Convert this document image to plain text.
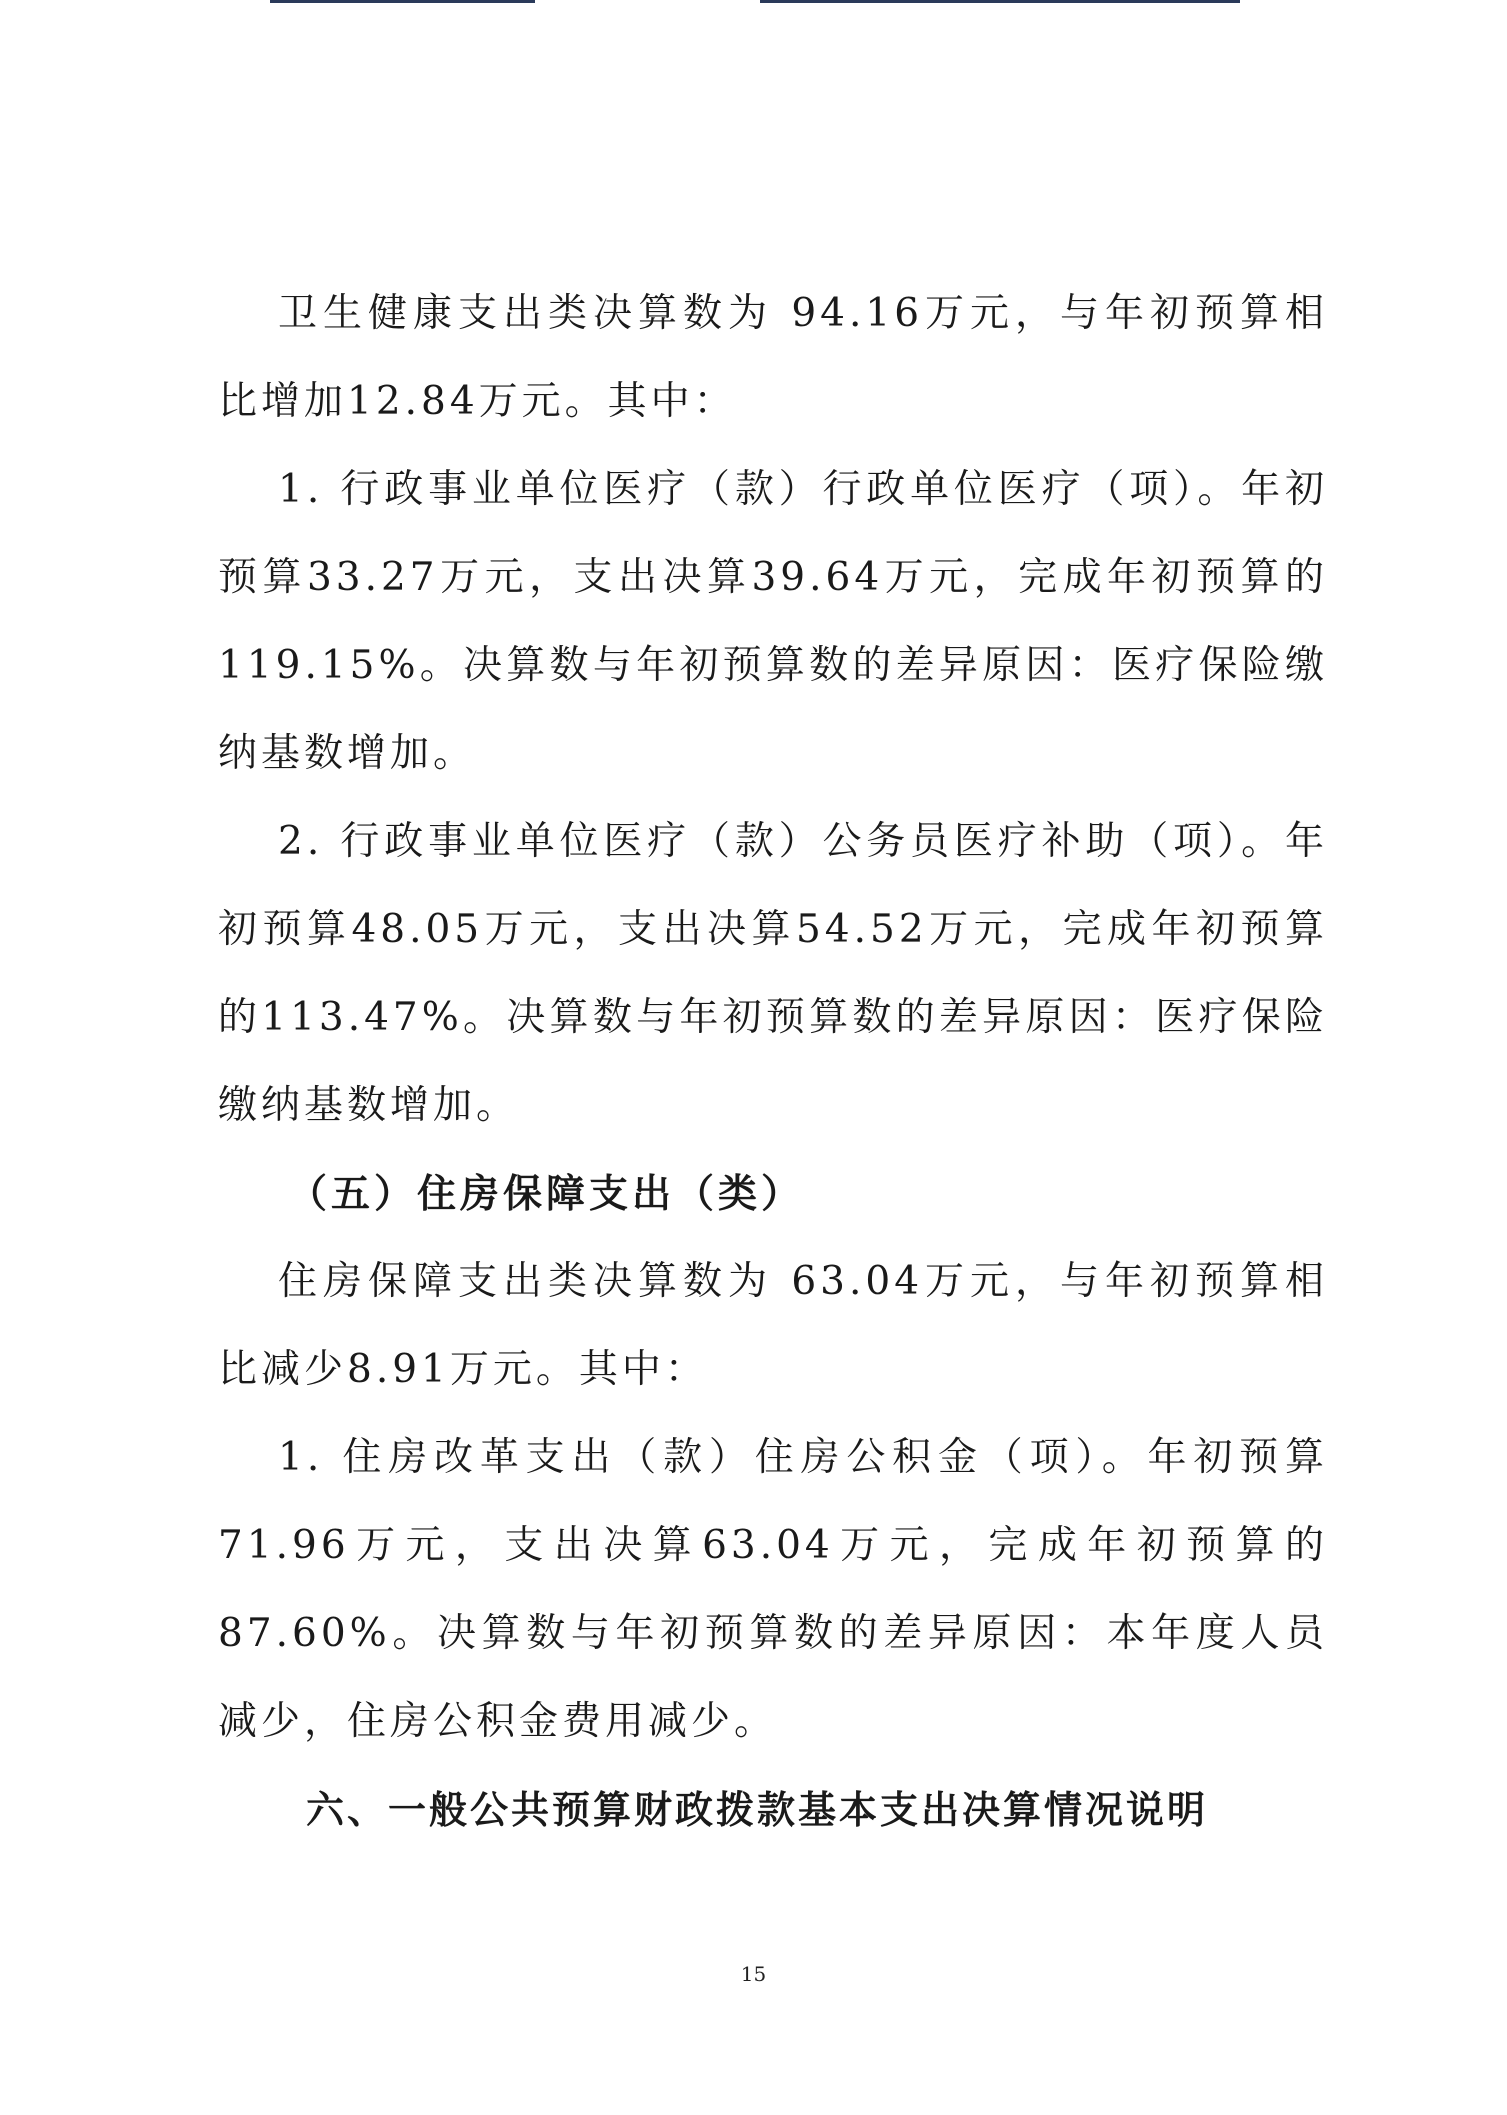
卫生健康支出类决算数为 94.16万元，与年初预算相比增加12.84万元。其中：

1. 行政事业单位医疗（款）行政单位医疗（项）。年初预算33.27万元，支出决算39.64万元，完成年初预算的119.15%。决算数与年初预算数的差异原因：医疗保险缴纳基数增加。

2. 行政事业单位医疗（款）公务员医疗补助（项）。年初预算48.05万元，支出决算54.52万元，完成年初预算的113.47%。决算数与年初预算数的差异原因：医疗保险缴纳基数增加。

（五）住房保障支出（类）

住房保障支出类决算数为 63.04万元，与年初预算相比减少8.91万元。其中：

1. 住房改革支出（款）住房公积金（项）。年初预算71.96万元，支出决算63.04万元，完成年初预算的87.60%。决算数与年初预算数的差异原因：本年度人员减少，住房公积金费用减少。

六、一般公共预算财政拨款基本支出决算情况说明

15
